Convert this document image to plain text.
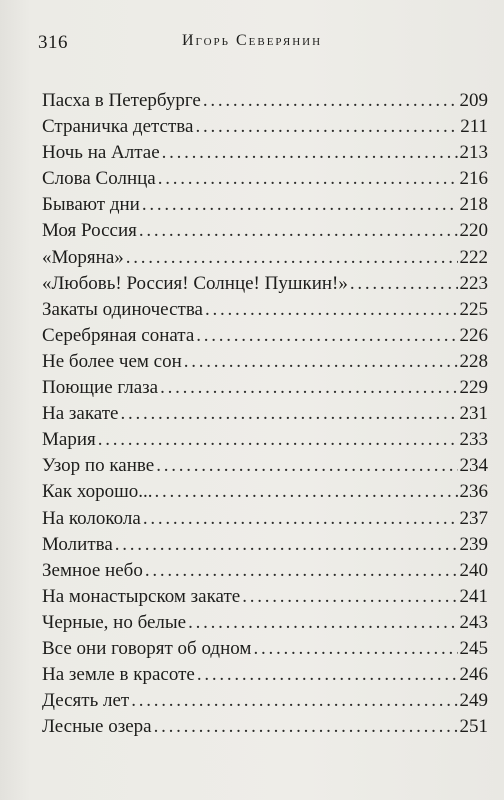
316	Игорь Северянин
Пасха в Петербурге . . .	209
Страничка детства . . .	211
Ночь на Алтае . . .	213
Слова Солнца . . .	216
Бывают дни . . .	218
Моя Россия . . .	220
«Моряна» . . .	222
«Любовь! Россия! Солнце! Пушкин!» . . .	223
Закаты одиночества . . .	225
Серебряная соната . . .	226
Не более чем сон . . .	228
Поющие глаза . . .	229
На закате . . .	231
Мария . . .	233
Узор по канве . . .	234
Как хорошо... . . .	236
На колокола . . .	237
Молитва . . .	239
Земное небо . . .	240
На монастырском закате . . .	241
Черные, но белые . . .	243
Все они говорят об одном . . .	245
На земле в красоте . . .	246
Десять лет . . .	249
Лесные озера . . .	251
